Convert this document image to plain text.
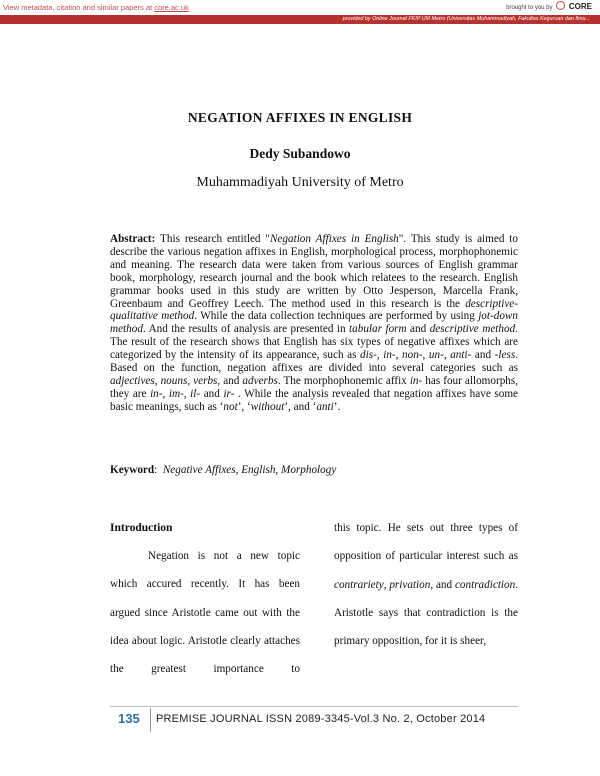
View metadata, citation and similar papers at core.ac.uk	brought to you by CORE
provided by Online Journal FKIP UM Metro (Universitas Muhammadiyah, Fakultas Keguruan dan Ilmu...
NEGATION AFFIXES IN ENGLISH
Dedy Subandowo
Muhammadiyah University of Metro
Abstract: This research entitled "Negation Affixes in English". This study is aimed to describe the various negation affixes in English, morphological process, morphophonemic and meaning. The research data were taken from various sources of English grammar book, morphology, research journal and the book which relatees to the research. English grammar books used in this study are written by Otto Jesperson, Marcella Frank, Greenbaum and Geoffrey Leech. The method used in this research is the descriptive-qualitative method. While the data collection techniques are performed by using jot-down method. And the results of analysis are presented in tabular form and descriptive method. The result of the research shows that English has six types of negative affixes which are categorized by the intensity of its appearance, such as dis-, in-, non-, un-, anti- and -less. Based on the function, negation affixes are divided into several categories such as adjectives, nouns, verbs, and adverbs. The morphophonemic affix in- has four allomorphs, they are in-, im-, il- and ir- . While the analysis revealed that negation affixes have some basic meanings, such as ‘not’, ‘without’, and ‘anti’.
Keyword: Negative Affixes, English, Morphology
Introduction
Negation is not a new topic which accured recently. It has been argued since Aristotle came out with the idea about logic. Aristotle clearly attaches the greatest importance to
this topic. He sets out three types of opposition of particular interest such as contrariety, privation, and contradiction. Aristotle says that contradiction is the primary opposition, for it is sheer,
135 PREMISE JOURNAL ISSN 2089-3345-Vol.3 No. 2, October 2014
